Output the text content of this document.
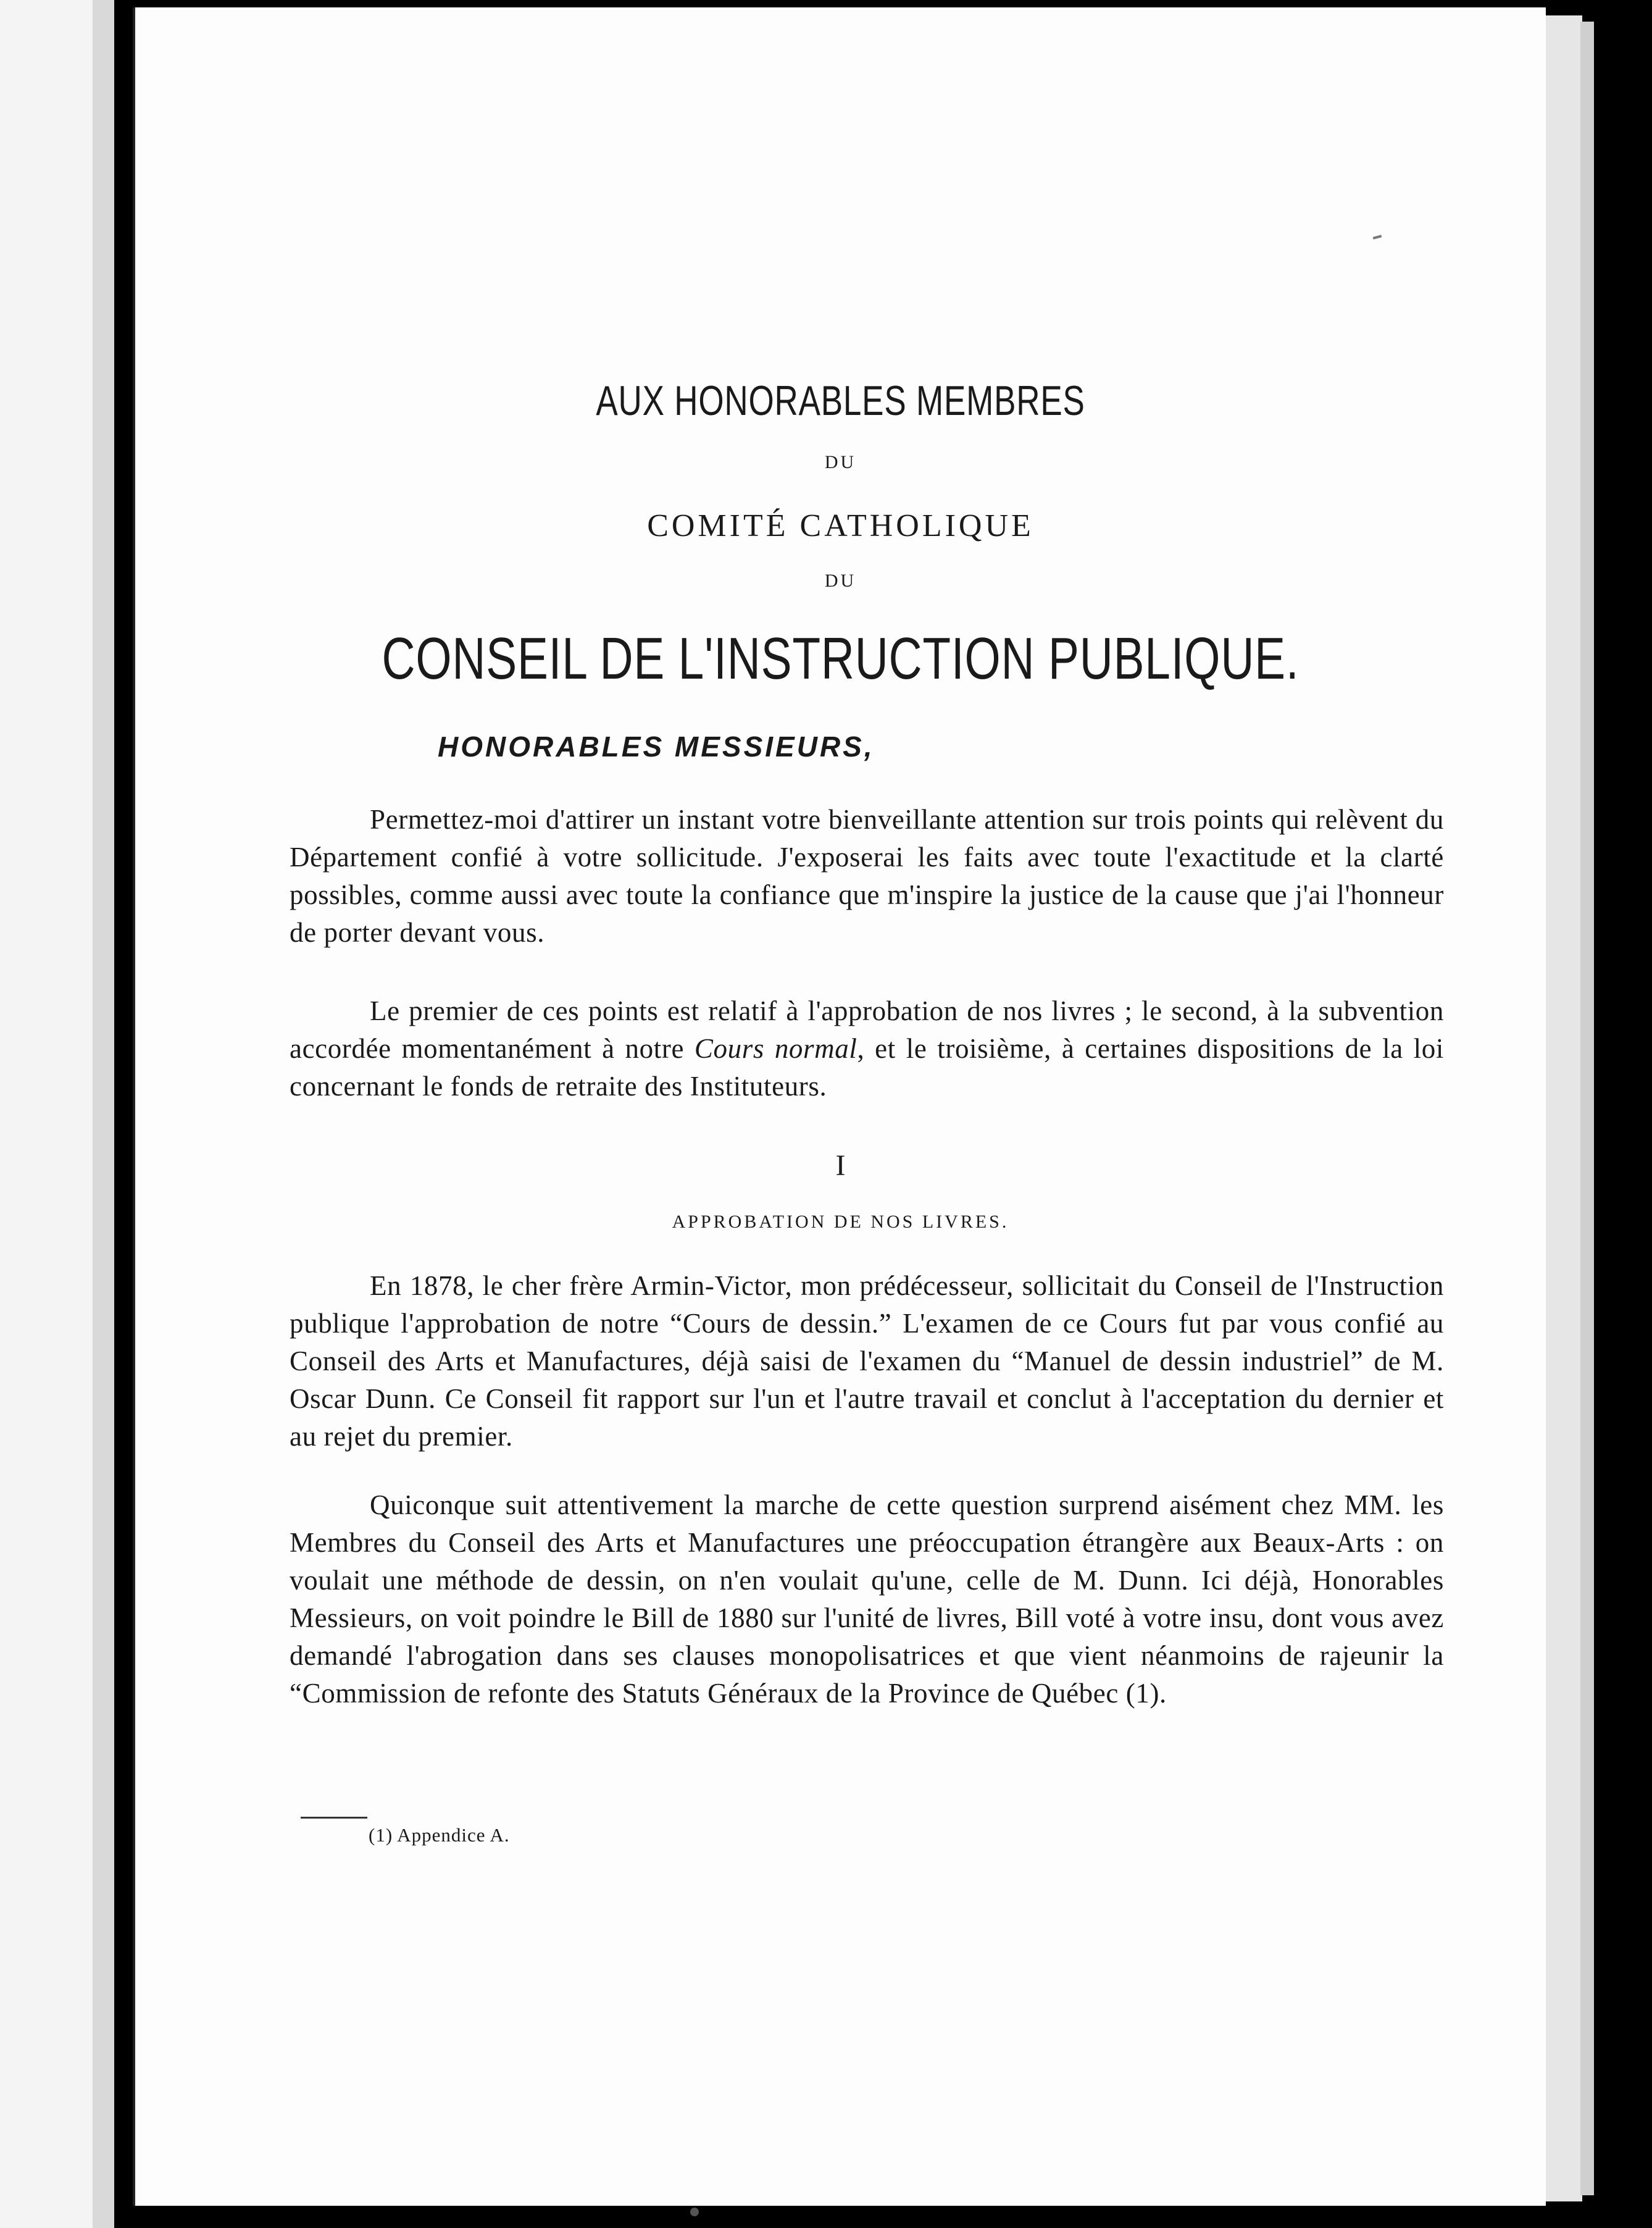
AUX HONORABLES MEMBRES
DU
COMITÉ CATHOLIQUE
DU
CONSEIL DE L'INSTRUCTION PUBLIQUE.
HONORABLES MESSIEURS,

Permettez-moi d'attirer un instant votre bienveillante attention sur trois points qui relèvent du Département confié à votre sollicitude. J'exposerai les faits avec toute l'exactitude et la clarté possibles, comme aussi avec toute la confiance que m'inspire la justice de la cause que j'ai l'honneur de porter devant vous.

Le premier de ces points est relatif à l'approbation de nos livres ; le second, à la subvention accordée momentanément à notre Cours normal, et le troisième, à certaines dispositions de la loi concernant le fonds de retraite des Instituteurs.

I
APPROBATION DE NOS LIVRES.

En 1878, le cher frère Armin-Victor, mon prédécesseur, sollicitait du Conseil de l'Instruction publique l'approbation de notre “Cours de dessin.” L'examen de ce Cours fut par vous confié au Conseil des Arts et Manufactures, déjà saisi de l'examen du “Manuel de dessin industriel” de M. Oscar Dunn. Ce Conseil fit rapport sur l'un et l'autre travail et conclut à l'acceptation du dernier et au rejet du premier.

Quiconque suit attentivement la marche de cette question surprend aisément chez MM. les Membres du Conseil des Arts et Manufactures une préoccupation étrangère aux Beaux-Arts : on voulait une méthode de dessin, on n'en voulait qu'une, celle de M. Dunn. Ici déjà, Honorables Messieurs, on voit poindre le Bill de 1880 sur l'unité de livres, Bill voté à votre insu, dont vous avez demandé l'abrogation dans ses clauses monopolisatrices et que vient néanmoins de rajeunir la “Commission de refonte des Statuts Généraux de la Province de Québec (1).

(1) Appendice A.
